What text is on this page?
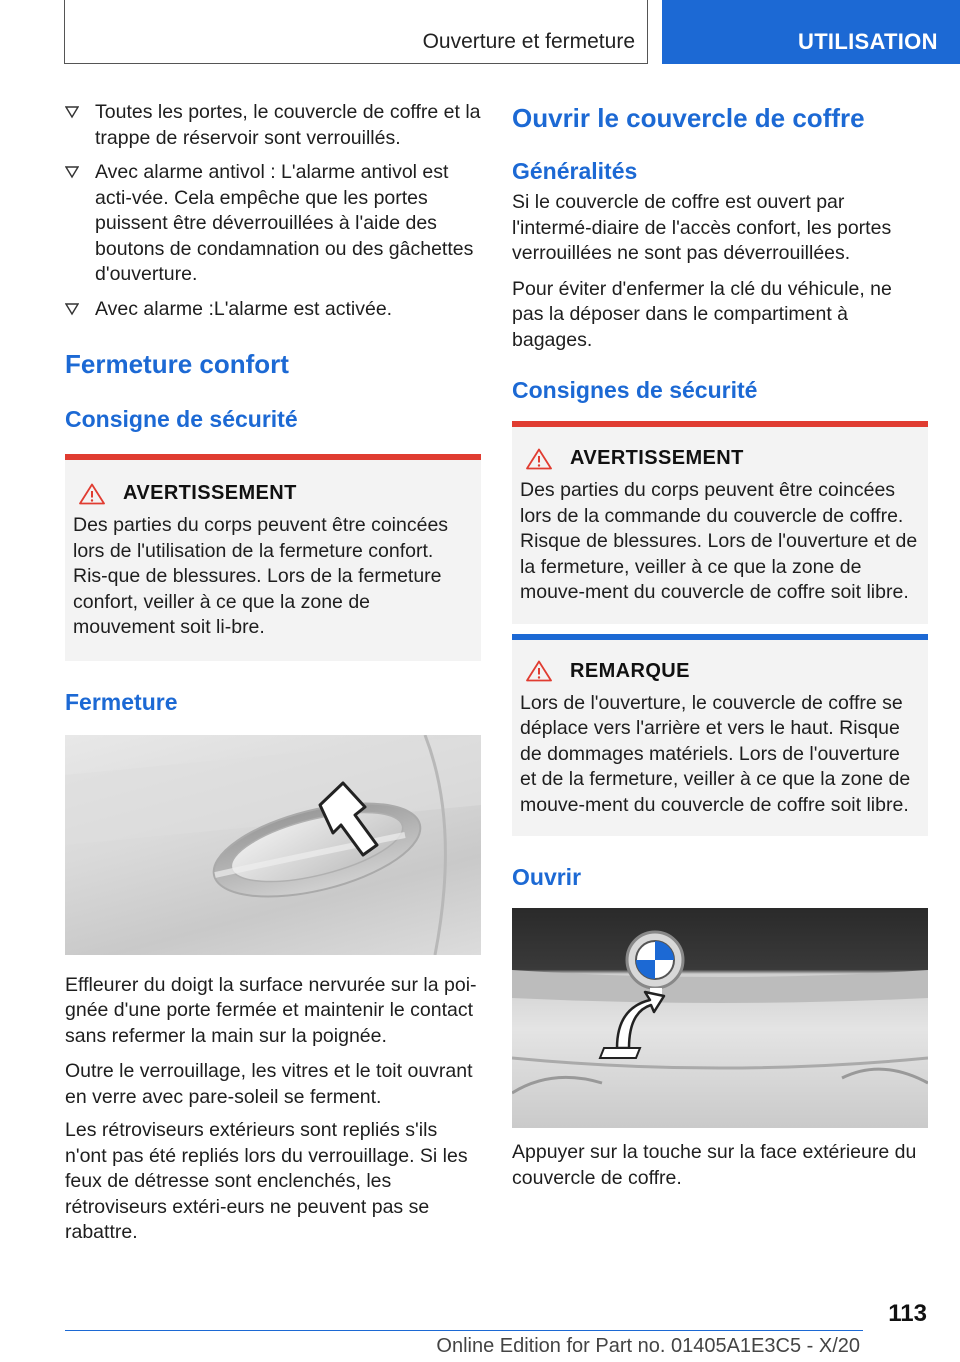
Ouverture et fermeture	UTILISATION
Toutes les portes, le couvercle de coffre et la trappe de réservoir sont verrouillés.
Avec alarme antivol : L'alarme antivol est acti‐vée. Cela empêche que les portes puissent être déverrouillées à l'aide des boutons de condamnation ou des gâchettes d'ouverture.
Avec alarme :L'alarme est activée.
Fermeture confort
Consigne de sécurité
AVERTISSEMENT

Des parties du corps peuvent être coincées lors de l'utilisation de la fermeture confort. Ris‐que de blessures. Lors de la fermeture confort, veiller à ce que la zone de mouvement soit li‐bre.

Fermeture

Effleurer du doigt la surface nervurée sur la poi‐gnée d'une porte fermée et maintenir le contact sans refermer la main sur la poignée.

Outre le verrouillage, les vitres et le toit ouvrant en verre avec pare-soleil se ferment.

Les rétroviseurs extérieurs sont repliés s'ils n'ont pas été repliés lors du verrouillage. Si les feux de détresse sont enclenchés, les rétroviseurs extéri‐eurs ne peuvent pas se rabattre.

Ouvrir le couvercle de coffre
Généralités

Si le couvercle de coffre est ouvert par l'intermé‐diaire de l'accès confort, les portes verrouillées ne sont pas déverrouillées.

Pour éviter d'enfermer la clé du véhicule, ne pas la déposer dans le compartiment à bagages.

Consignes de sécurité
AVERTISSEMENT

Des parties du corps peuvent être coincées lors de la commande du couvercle de coffre. Risque de blessures. Lors de l'ouverture et de la fermeture, veiller à ce que la zone de mouve‐ment du couvercle de coffre soit libre.

REMARQUE

Lors de l'ouverture, le couvercle de coffre se déplace vers l'arrière et vers le haut. Risque de dommages matériels. Lors de l'ouverture et de la fermeture, veiller à ce que la zone de mouve‐ment du couvercle de coffre soit libre.

Ouvrir

Appuyer sur la touche sur la face extérieure du couvercle de coffre.

113
Online Edition for Part no. 01405A1E3C5 - X/20
